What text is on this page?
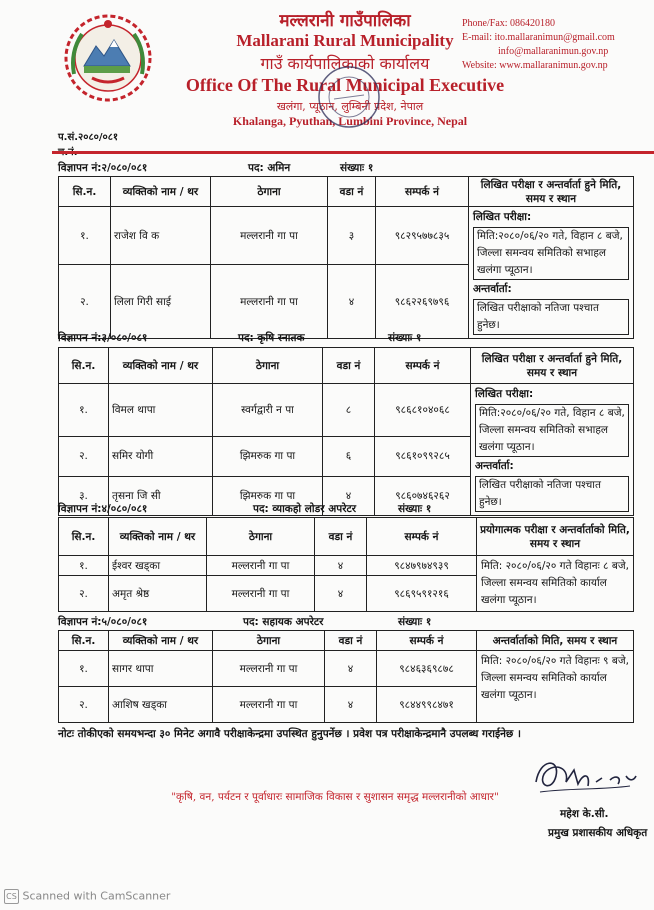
मल्लरानी गाउँपालिका
Mallarani Rural Municipality
गाउँ कार्यपालिकाको कार्यालय
Office Of The Rural Municipal Executive
खलंगा, प्यूठान, लुम्बिनी प्रदेश, नेपाल
Khalanga, Pyuthan, Lumbini Province, Nepal
Phone/Fax: 086420180
E-mail: ito.mallaranimun@gmail.com
info@mallaranimun.gov.np
Website: www.mallaranimun.gov.np
प.सं.२०८०/०८१
विज्ञापन नं:२/०८०/०८१	पद: अमिन	संख्याः १
सि.न.	व्यक्तिको नाम / थर	ठेगाना	वडा नं	सम्पर्क नं	लिखित परीक्षा र अन्तर्वार्ता हुने मिति, समय र स्थान
१.	राजेश वि क	मल्लरानी गा पा	३	९८२९५७७८३५	लिखित परीक्षा:
मिति:२०८०/०६/२० गते, विहान ८ बजे, जिल्ला समन्वय समितिको सभाहल खलंगा प्यूठान।
अन्तर्वार्ता:
लिखित परीक्षाको नतिजा पश्चात हुनेछ।

२.	लिला गिरी साई	मल्लरानी गा पा	४	९८६२२६९७९६	
विज्ञापन नं:३/०८०/०८१	पद: कृषि स्नातक	संख्याः १
सि.न.	व्यक्तिको नाम / थर	ठेगाना	वडा नं	सम्पर्क नं	लिखित परीक्षा र अन्तर्वार्ता हुने मिति, समय र स्थान
१.	विमल थापा	स्वर्गद्वारी न पा	८	९८६८१०४०६८	लिखित परीक्षा:
मिति:२०८०/०६/२० गते, विहान ८ बजे, जिल्ला समन्वय समितिको सभाहल खलंगा प्यूठान।
अन्तर्वार्ता:
लिखित परीक्षाको नतिजा पश्चात हुनेछ।

२.	समिर योगी	झिमरुक गा पा	६	९८६१०९९२८५	
३.	तृसना जि सी	झिमरुक गा पा	४	९८६०७४६२६२	
विज्ञापन नं:४/०८०/०८१	पद: व्याकहो लोडर अपरेटर	संख्याः १
सि.न.	व्यक्तिको नाम / थर	ठेगाना	वडा नं	सम्पर्क नं	प्रयोगात्मक परीक्षा र अन्तर्वार्ताको मिति, समय र स्थान
१.	ईश्वर खड्का	मल्लरानी गा पा	४	९८४७९७४९३९	मिति: २०८०/०६/२० गते विहानः ८ बजे, जिल्ला समन्वय समितिको कार्याल खलंगा प्यूठान।

२.	अमृत श्रेष्ठ	मल्लरानी गा पा	४	९८६९५९१२१६	
विज्ञापन नं:५/०८०/०८१	पद: सहायक अपरेटर	संख्याः १
सि.न.	व्यक्तिको नाम / थर	ठेगाना	वडा नं	सम्पर्क नं	अन्तर्वार्ताको मिति, समय र स्थान
१.	सागर थापा	मल्लरानी गा पा	४	९८४६३६९८७८	मिति: २०८०/०६/२० गते विहानः ९ बजे, जिल्ला समन्वय समितिको कार्याल खलंगा प्यूठान।

२.	आशिष खड्का	मल्लरानी गा पा	४	९८४४९९८४७१	
नोटः तोकीएको समयभन्दा ३० मिनेट अगावै परीक्षाकेन्द्रमा उपस्थित हुनुपर्नेछ । प्रवेश पत्र परीक्षाकेन्द्रमानै उपलब्ध गराईनेछ ।
"कृषि, वन, पर्यटन र पूर्वाधारः सामाजिक विकास र सुशासन समृद्ध मल्लरानीको आधार"
महेश के.सी.
प्रमुख प्रशासकीय अधिकृत
CS Scanned with CamScanner
